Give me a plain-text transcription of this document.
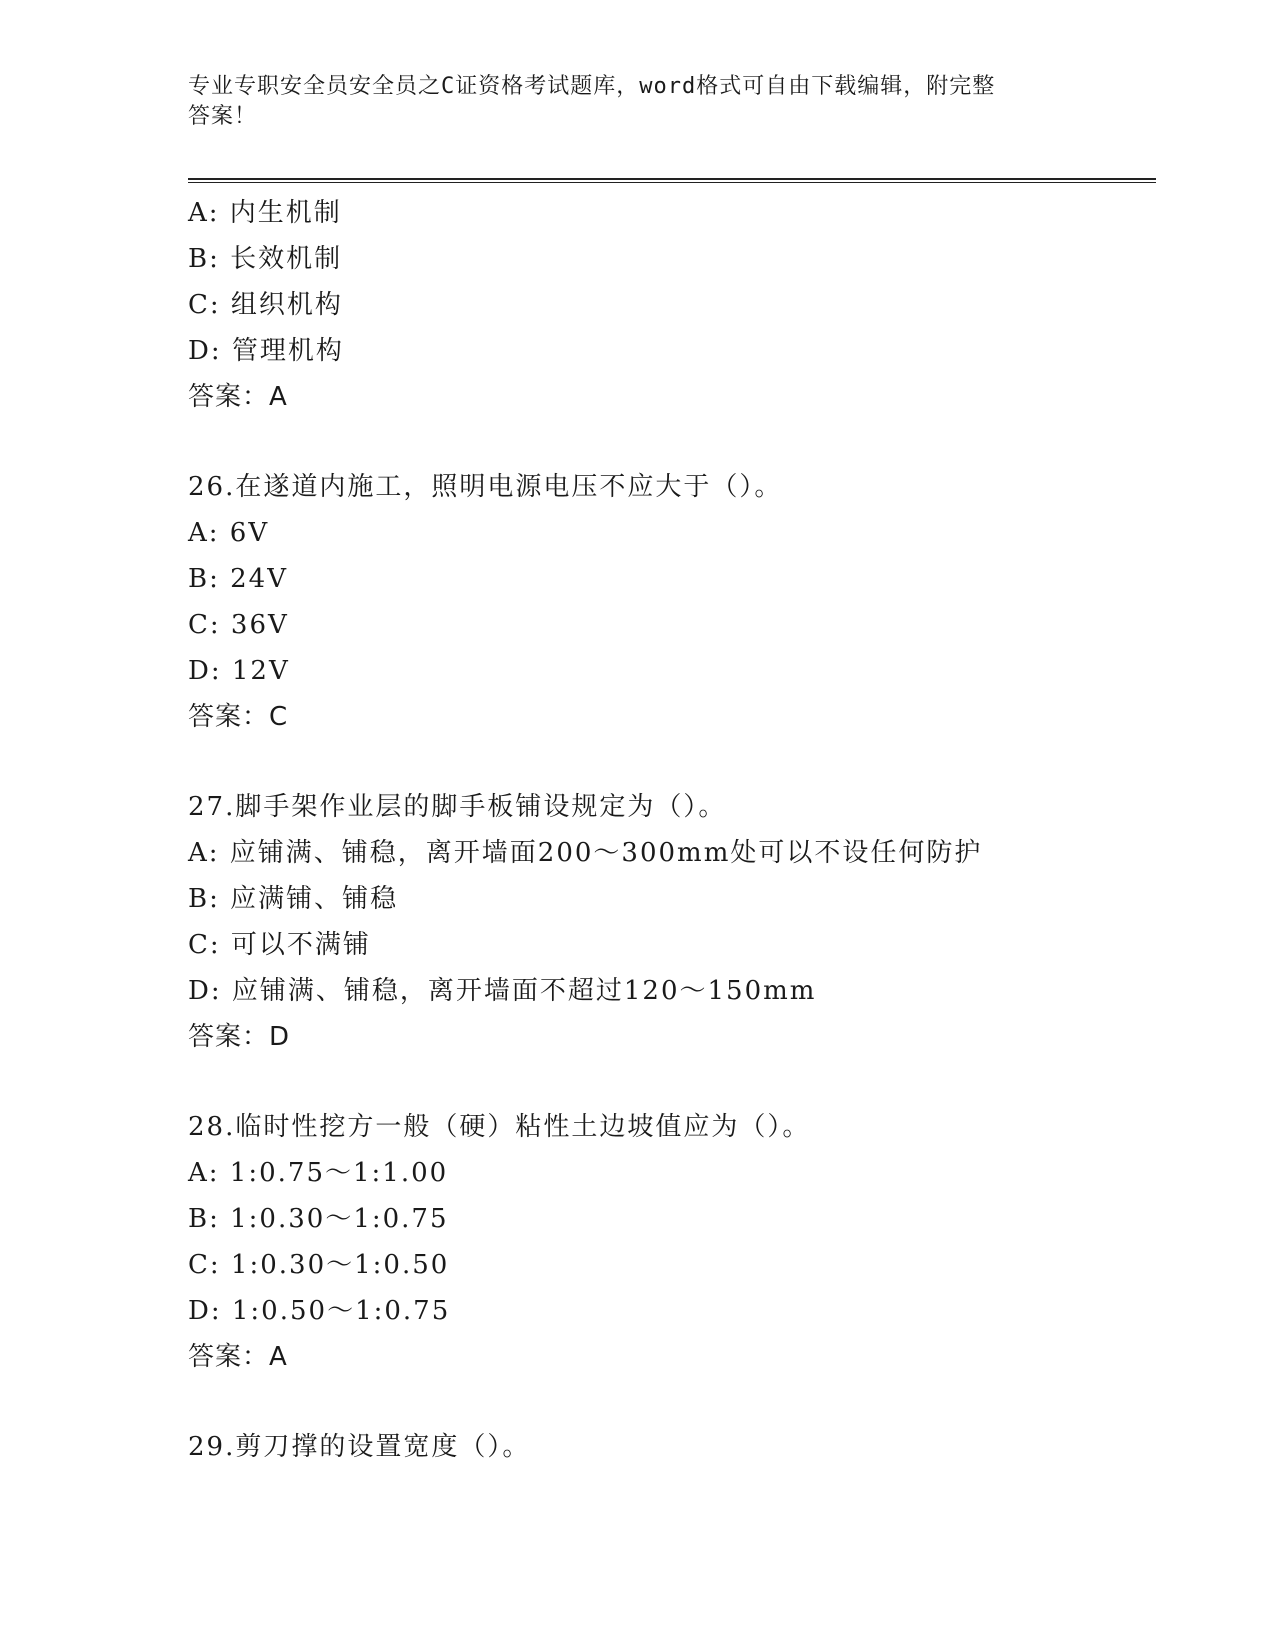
专业专职安全员安全员之C证资格考试题库，word格式可自由下载编辑，附完整
答案！
A: 内生机制
B: 长效机制
C: 组织机构
D: 管理机构
答案：A
26.在遂道内施工，照明电源电压不应大于（）。
A: 6V
B: 24V
C: 36V
D: 12V
答案：C
27.脚手架作业层的脚手板铺设规定为（）。
A: 应铺满、铺稳，离开墙面200～300mm处可以不设任何防护
B: 应满铺、铺稳
C: 可以不满铺
D: 应铺满、铺稳，离开墙面不超过120～150mm
答案：D
28.临时性挖方一般（硬）粘性土边坡值应为（）。
A: 1:0.75～1:1.00
B: 1:0.30～1:0.75
C: 1:0.30～1:0.50
D: 1:0.50～1:0.75
答案：A
29.剪刀撑的设置宽度（）。
